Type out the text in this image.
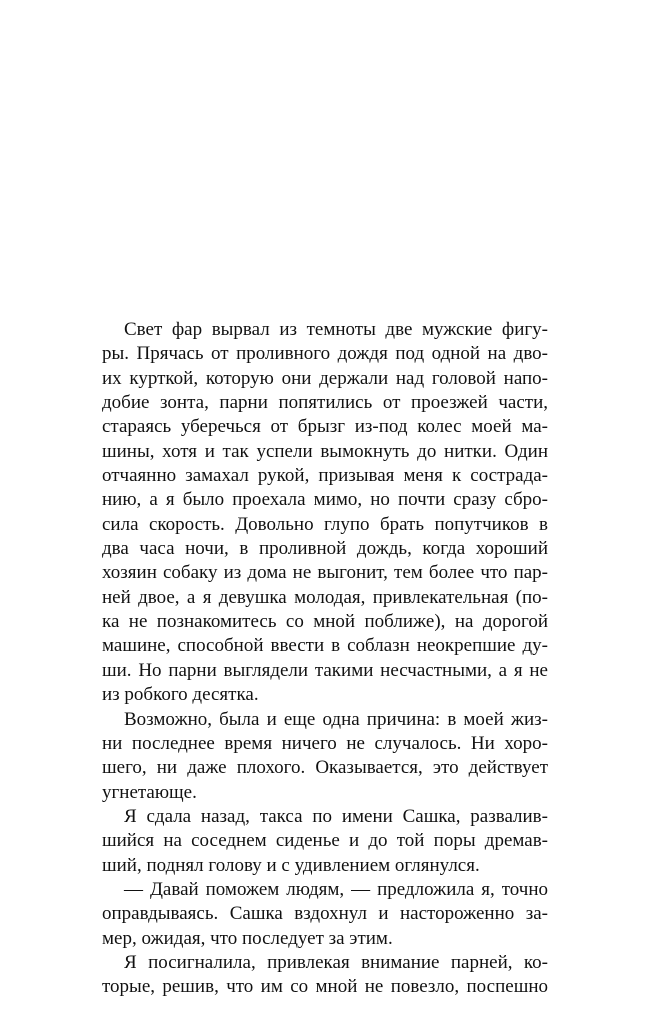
Свет фар вырвал из темноты две мужские фигу-
ры. Прячась от проливного дождя под одной на дво-
их курткой, которую они держали над головой напо-
добие зонта, парни попятились от проезжей части,
стараясь уберечься от брызг из-под колес моей ма-
шины, хотя и так успели вымокнуть до нитки. Один
отчаянно замахал рукой, призывая меня к сострада-
нию, а я было проехала мимо, но почти сразу сбро-
сила скорость. Довольно глупо брать попутчиков в
два часа ночи, в проливной дождь, когда хороший
хозяин собаку из дома не выгонит, тем более что пар-
ней двое, а я девушка молодая, привлекательная (по-
ка не познакомитесь со мной поближе), на дорогой
машине, способной ввести в соблазн неокрепшие ду-
ши. Но парни выглядели такими несчастными, а я не
из робкого десятка.
Возможно, была и еще одна причина: в моей жиз-
ни последнее время ничего не случалось. Ни хоро-
шего, ни даже плохого. Оказывается, это действует
угнетающе.
Я сдала назад, такса по имени Сашка, развалив-
шийся на соседнем сиденье и до той поры дремав-
ший, поднял голову и с удивлением оглянулся.
— Давай поможем людям, — предложила я, точно
оправдываясь. Сашка вздохнул и настороженно за-
мер, ожидая, что последует за этим.
Я посигналила, привлекая внимание парней, ко-
торые, решив, что им со мной не повезло, поспешно
